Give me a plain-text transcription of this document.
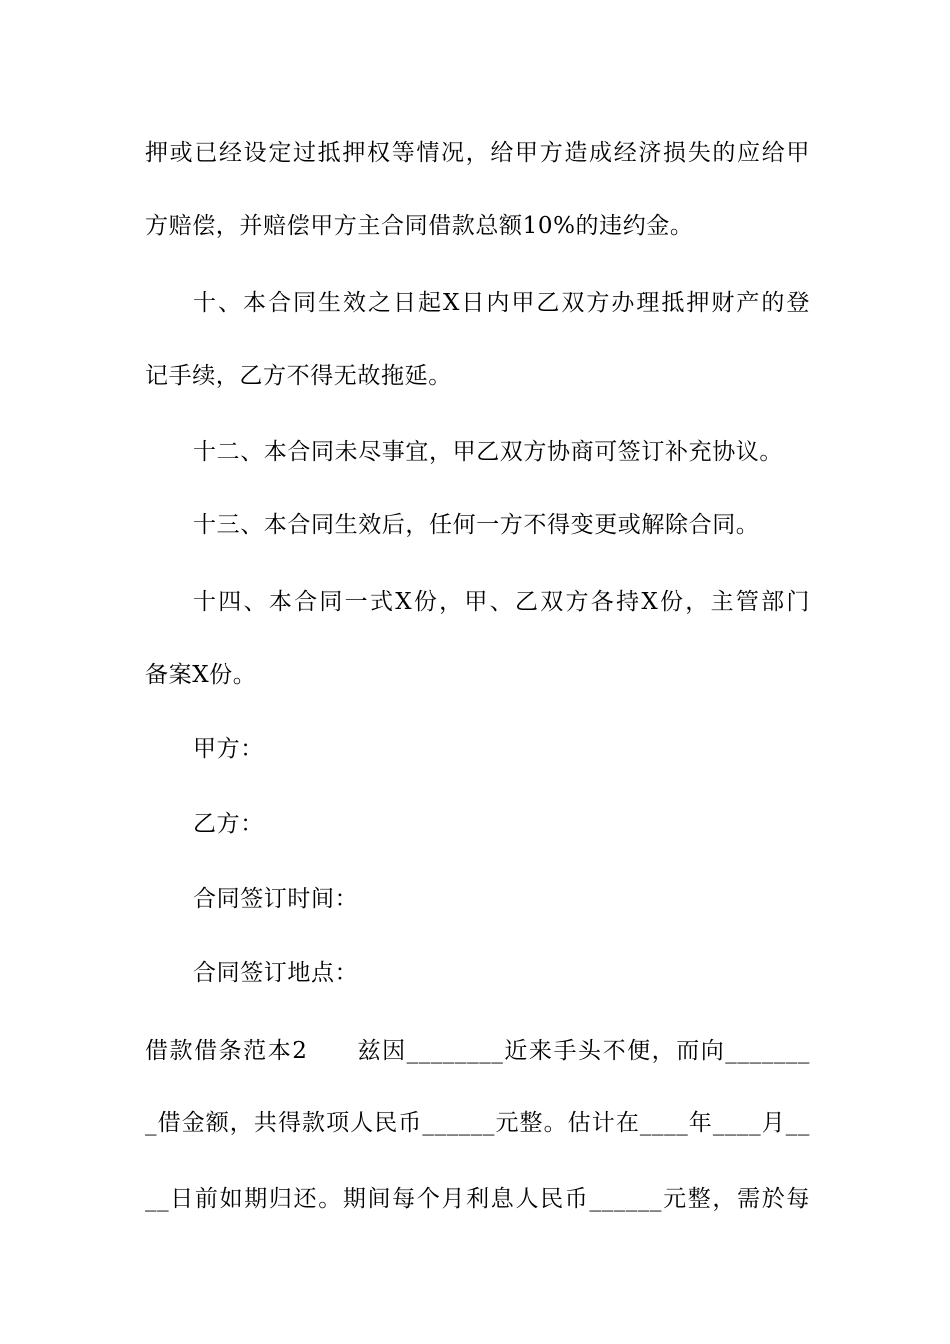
押或已经设定过抵押权等情况，给甲方造成经济损失的应给甲
方赔偿，并赔偿甲方主合同借款总额10%的违约金。
十、本合同生效之日起X日内甲乙双方办理抵押财产的登
记手续，乙方不得无故拖延。
十二、本合同未尽事宜，甲乙双方协商可签订补充协议。
十三、本合同生效后，任何一方不得变更或解除合同。
十四、本合同一式X份，甲、乙双方各持X份，主管部门
备案X份。
甲方：
乙方：
合同签订时间：
合同签订地点：
借款借条范本2　　兹因________近来手头不便，而向_______
_借金额，共得款项人民币______元整。估计在____年____月__
__日前如期归还。期间每个月利息人民币______元整，需於每
